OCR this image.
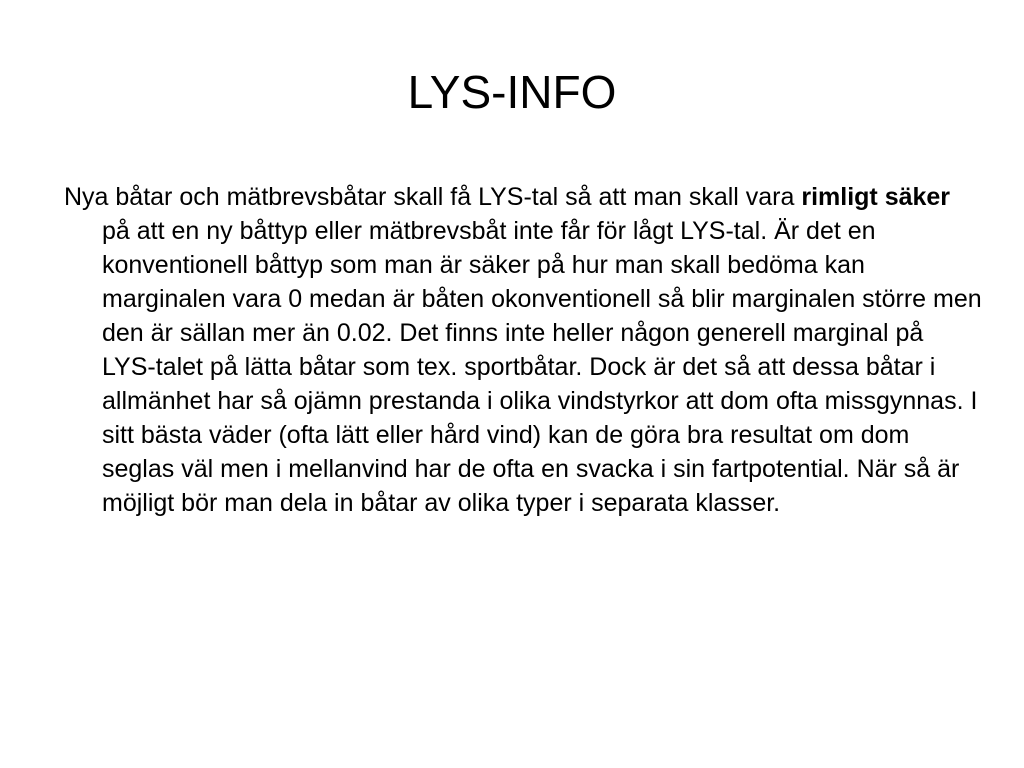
LYS-INFO

Nya båtar och mätbrevsbåtar skall få LYS-tal så att man skall vara rimligt säker på att en ny båttyp eller mätbrevsbåt inte får för lågt LYS-tal. Är det en konventionell båttyp som man är säker på hur man skall bedöma kan marginalen vara 0 medan är båten okonventionell så blir marginalen större men den är sällan mer än 0.02. Det finns inte heller någon generell marginal på LYS-talet på lätta båtar som tex. sportbåtar. Dock är det så att dessa båtar i allmänhet har så ojämn prestanda i olika vindstyrkor att dom ofta missgynnas. I sitt bästa väder (ofta lätt eller hård vind) kan de göra bra resultat om dom seglas väl men i mellanvind har de ofta en svacka i sin fartpotential. När så är möjligt bör man dela in båtar av olika typer i separata klasser.
